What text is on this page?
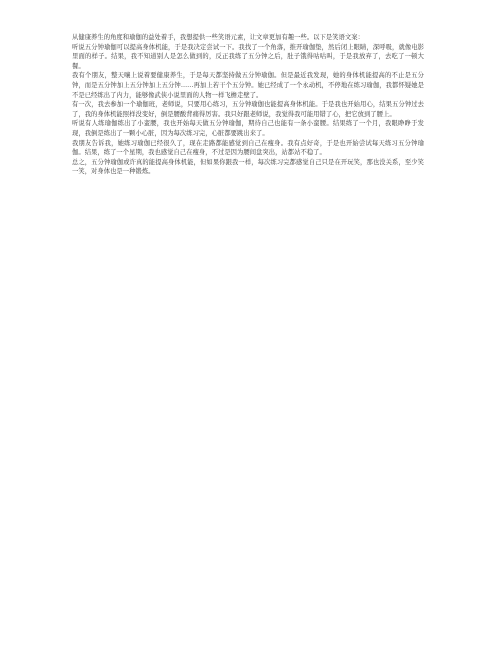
从健康养生的角度和瑜伽的益处着手，我想提供一些笑语元素，让文章更加有趣一些。以下是笑语文案：

听说五分钟瑜伽可以提高身体机能，于是我决定尝试一下。我找了一个角落，推开瑜伽垫，然后闭上眼睛，深呼吸，就像电影里面的样子。结果，我不知道别人是怎么做到的，反正我练了五分钟之后，肚子饿得咕咕叫，于是我放弃了，去吃了一顿大餐。

我有个朋友，整天嚷上说着要健康养生，于是每天都坚持做五分钟瑜伽。但是最近我发现，她的身体机能提高的不止是五分钟，而是五分钟加上五分钟加上五分钟……再加上若干个五分钟。她已经成了一个永动机，不停地在练习瑜伽，我都怀疑她是不是已经练出了内力，能够像武侠小说里面的人物一样飞檐走壁了。

有一次，我去参加一个瑜伽班，老师说，只要用心练习，五分钟瑜伽也能提高身体机能。于是我也开始用心，结果五分钟过去了，我的身体机能照样没变好，倒是腰酸背痛得厉害。我只好跟老师说，我觉得我可能用错了心，把它放到了腰上。

听说有人练瑜伽练出了小蛮腰，我也开始每天做五分钟瑜伽，期待自己也能有一条小蛮腰。结果练了一个月，我眼睁睁于发现，我倒是练出了一颗小心脏，因为每次练习完，心脏都要跳出来了。

我朋友告诉我，她练习瑜伽已经很久了，现在走路都能感觉到自己在瘦身。我有点好奇，于是也开始尝试每天练习五分钟瑜伽。结果，练了一个星期，我也感觉自己在瘦身，不过是因为腰间盘突出，站都站不稳了。

总之，五分钟瑜伽或许真的能提高身体机能，但如果你跟我一样，每次练习完都感觉自己只是在开玩笑，那也没关系，至少笑一笑，对身体也是一种锻炼。
